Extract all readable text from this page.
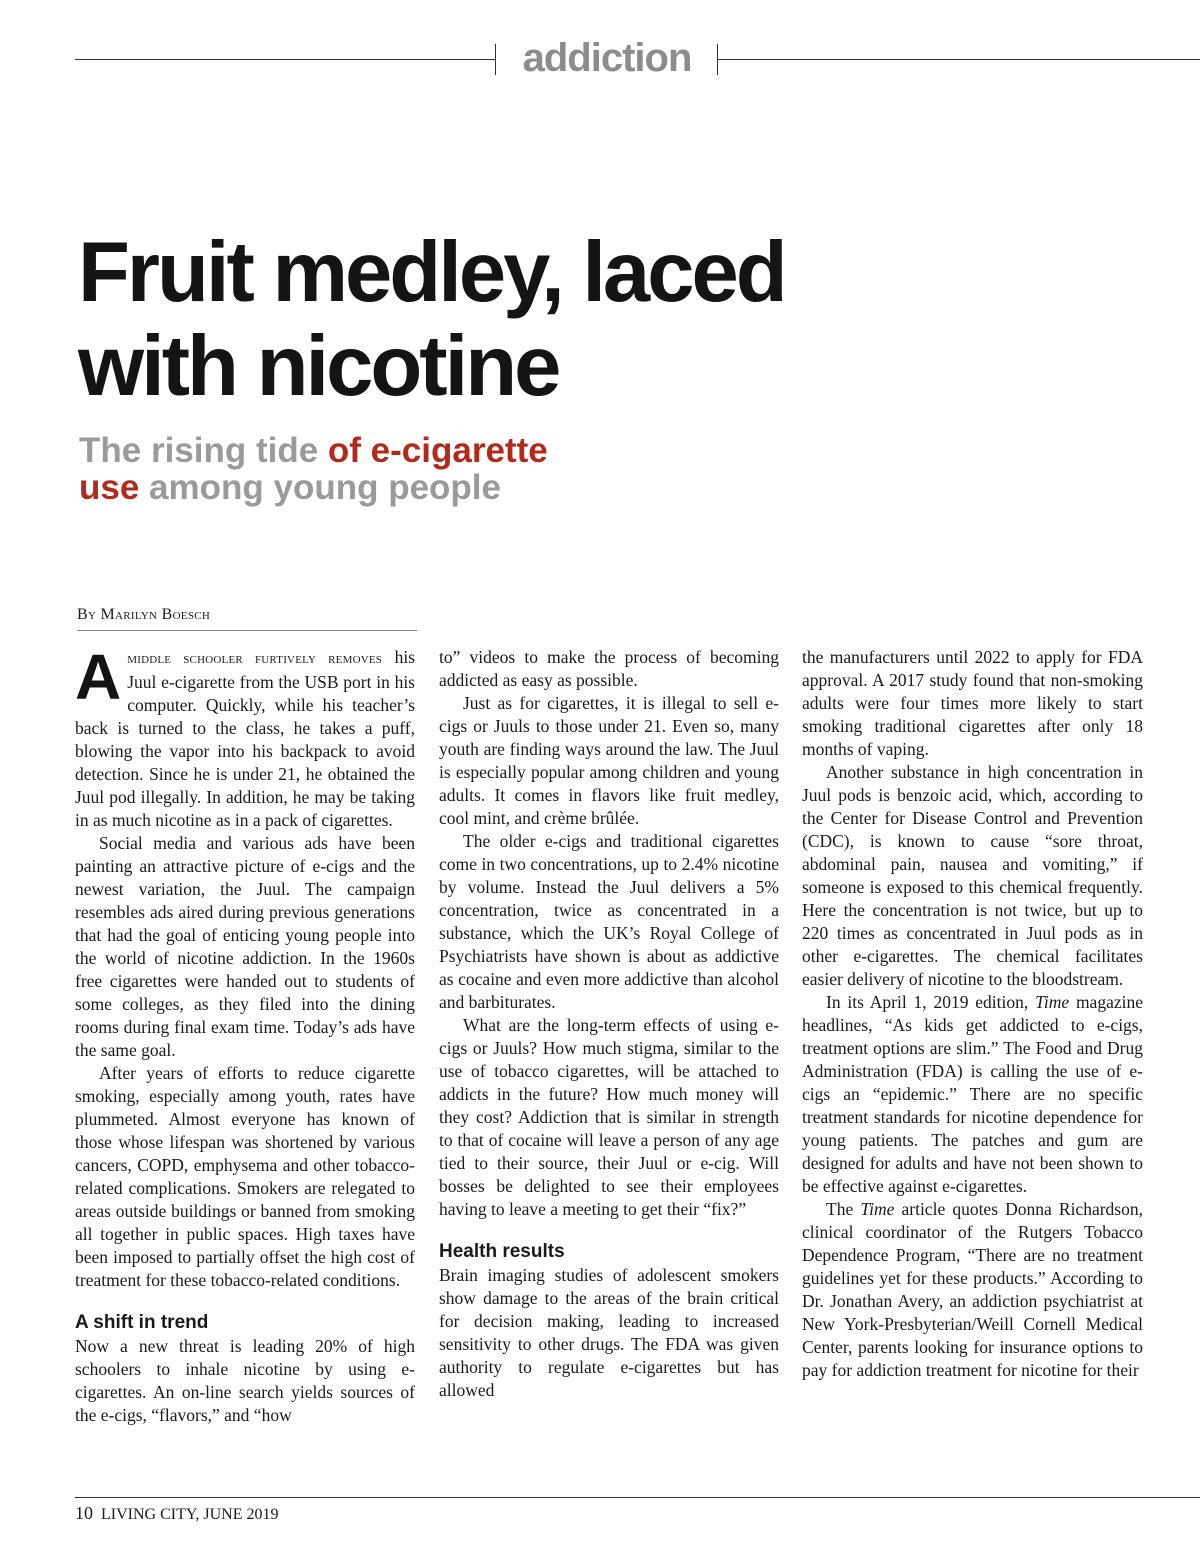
addiction
Fruit medley, laced
with nicotine
The rising tide of e-cigarette
use among young people
By Marilyn Boesch

Amiddle schooler furtively removes his Juul e-cigarette from the USB port in his computer. Quickly, while his teacher’s back is turned to the class, he takes a puff, blowing the vapor into his backpack to avoid detection. Since he is under 21, he obtained the Juul pod illegally. In addition, he may be taking in as much nicotine as in a pack of cigarettes.

Social media and various ads have been painting an attractive picture of e-cigs and the newest variation, the Juul. The campaign resembles ads aired during previous generations that had the goal of enticing young people into the world of nicotine addiction. In the 1960s free cigarettes were handed out to students of some colleges, as they filed into the dining rooms during final exam time. Today’s ads have the same goal.

After years of efforts to reduce cigarette smoking, especially among youth, rates have plummeted. Almost everyone has known of those whose lifespan was shortened by various cancers, COPD, emphysema and other tobacco-related complications. Smokers are relegated to areas outside buildings or banned from smoking all together in public spaces. High taxes have been imposed to partially offset the high cost of treatment for these tobacco-related conditions.

A shift in trend

Now a new threat is leading 20% of high schoolers to inhale nicotine by using e-cigarettes. An on-line search yields sources of the e-cigs, “flavors,” and “how

to” videos to make the process of becoming addicted as easy as possible.

Just as for cigarettes, it is illegal to sell e-cigs or Juuls to those under 21. Even so, many youth are finding ways around the law. The Juul is especially popular among children and young adults. It comes in flavors like fruit medley, cool mint, and crème brûlée.

The older e-cigs and traditional cigarettes come in two concentrations, up to 2.4% nicotine by volume. Instead the Juul delivers a 5% concentration, twice as concentrated in a substance, which the UK’s Royal College of Psychiatrists have shown is about as addictive as cocaine and even more addictive than alcohol and barbiturates.

What are the long-term effects of using e-cigs or Juuls? How much stigma, similar to the use of tobacco cigarettes, will be attached to addicts in the future? How much money will they cost? Addiction that is similar in strength to that of cocaine will leave a person of any age tied to their source, their Juul or e-cig. Will bosses be delighted to see their employees having to leave a meeting to get their “fix?”

Health results

Brain imaging studies of adolescent smokers show damage to the areas of the brain critical for decision making, leading to increased sensitivity to other drugs. The FDA was given authority to regulate e-cigarettes but has allowed

the manufacturers until 2022 to apply for FDA approval. A 2017 study found that non-smoking adults were four times more likely to start smoking traditional cigarettes after only 18 months of vaping.

Another substance in high concentration in Juul pods is benzoic acid, which, according to the Center for Disease Control and Prevention (CDC), is known to cause “sore throat, abdominal pain, nausea and vomiting,” if someone is exposed to this chemical frequently. Here the concentration is not twice, but up to 220 times as concentrated in Juul pods as in other e-cigarettes. The chemical facilitates easier delivery of nicotine to the bloodstream.

In its April 1, 2019 edition, Time magazine headlines, “As kids get addicted to e-cigs, treatment options are slim.” The Food and Drug Administration (FDA) is calling the use of e-cigs an “epidemic.” There are no specific treatment standards for nicotine dependence for young patients. The patches and gum are designed for adults and have not been shown to be effective against e-cigarettes.

The Time article quotes Donna Richardson, clinical coordinator of the Rutgers Tobacco Dependence Program, “There are no treatment guidelines yet for these products.” According to Dr. Jonathan Avery, an addiction psychiatrist at New York-Presbyterian/Weill Cornell Medical Center, parents looking for insurance options to pay for addiction treatment for nicotine for their

10 LIVING CITY, JUNE 2019
